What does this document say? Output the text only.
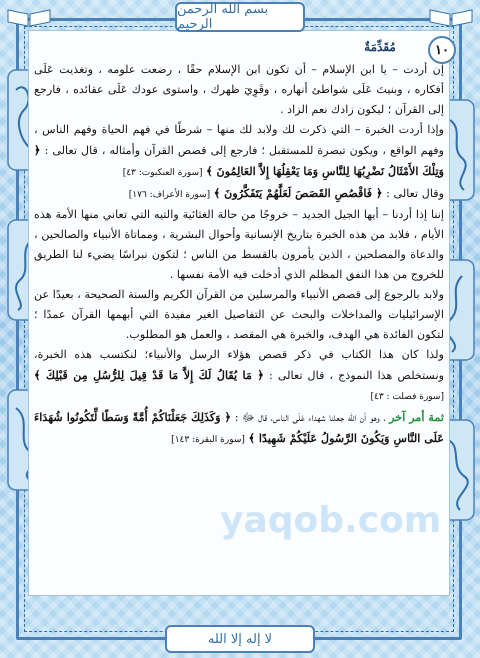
بسم الله الرحمن الرحيم
١٠
مُقَدِّمَةٌ
yaqob.com

إن أردت – يا ابن الإسلام – أن تكون ابن الإسلام حقًا ، رضعت علومه ، وتغذيت عَلَى أفكاره ، وبنيتَ عَلَى شواطئ أنهاره ، وقَوِيَ ظهرك ، واستوى عودك عَلَى عقائده ، فارجع إلى القرآن ؛ ليكون زادك نعم الزاد .

وإذا أردت الخبرة – التي ذكرت لك ولابد لك منها – شرطًا في فهم الحياة وفهم الناس ، وفهم الواقع ، ويكون تبصرة للمستقبل ؛ فارجع إلى قصص القرآن وأمثاله ، قال تعالى : ﴿ وَتِلْكَ الأَمْثَالُ نَضْرِبُهَا لِلنَّاسِ وَمَا يَعْقِلُهَا إِلاَّ العَالِمُونَ ﴾ [سورة العنكبوت: ٤٣]

وقال تعالى : ﴿ فَاقْصُصِ القَصَصَ لَعَلَّهُمْ يَتَفَكَّرُونَ ﴾ [سورة الأعراف: ١٧٦]

إننا إذا أردنا – أيها الجيل الجديد – خروجًا من حالة الغثائية والتيه التي تعاني منها الأمة هذه الأيام ، فلابد من هذه الخبرة بتاريخ الإنسانية وأحوال البشرية ، ومماتاة الأنبياء والصالحين ، والدعاة والمصلحين ، الذين يأمرون بالقسط من الناس ؛ لتكون نبراسًا يضيء لنا الطريق للخروج من هذا النفق المظلم الذي أدخلت فيه الأمة نفسها .

ولابد بالرجوع إلى قصص الأنبياء والمرسلين من القرآن الكريم والسنة الصحيحة ، بعيدًا عن الإسرائيليات والمداخلات والبحث عن التفاصيل الغير مفيدة التي أبهمها القرآن عمدًا ؛ لتكون الفائدة هي الهدف، والخبرة هي المقصد ، والعمل هو المطلوب.

ولذا كان هذا الكتاب في ذكر قصص هؤلاء الرسل والأنبياء؛ لنكتسب هذه الخبرة، ونستخلص هذا النموذج ، قال تعالى : ﴿ مَا يُقَالُ لَكَ إِلاَّ مَا قَدْ قِيلَ لِلرُّسُلِ مِن قَبْلِكَ ﴾ [سورة فصلت : ٤٣]

ثمة أمر آخر ، وهو أن الله جعلنا شهداء عَلَى الناس، قال ﷻ : ﴿ وَكَذَلِكَ جَعَلْنَاكُمْ أُمَّةً وَسَطًا لِّتَكُونُوا شُهَدَاءَ عَلَى النَّاسِ وَيَكُونَ الرَّسُولُ عَلَيْكُمْ شَهِيدًا ﴾ [سورة البقرة: ١٤٣]

لا إله إلا الله
